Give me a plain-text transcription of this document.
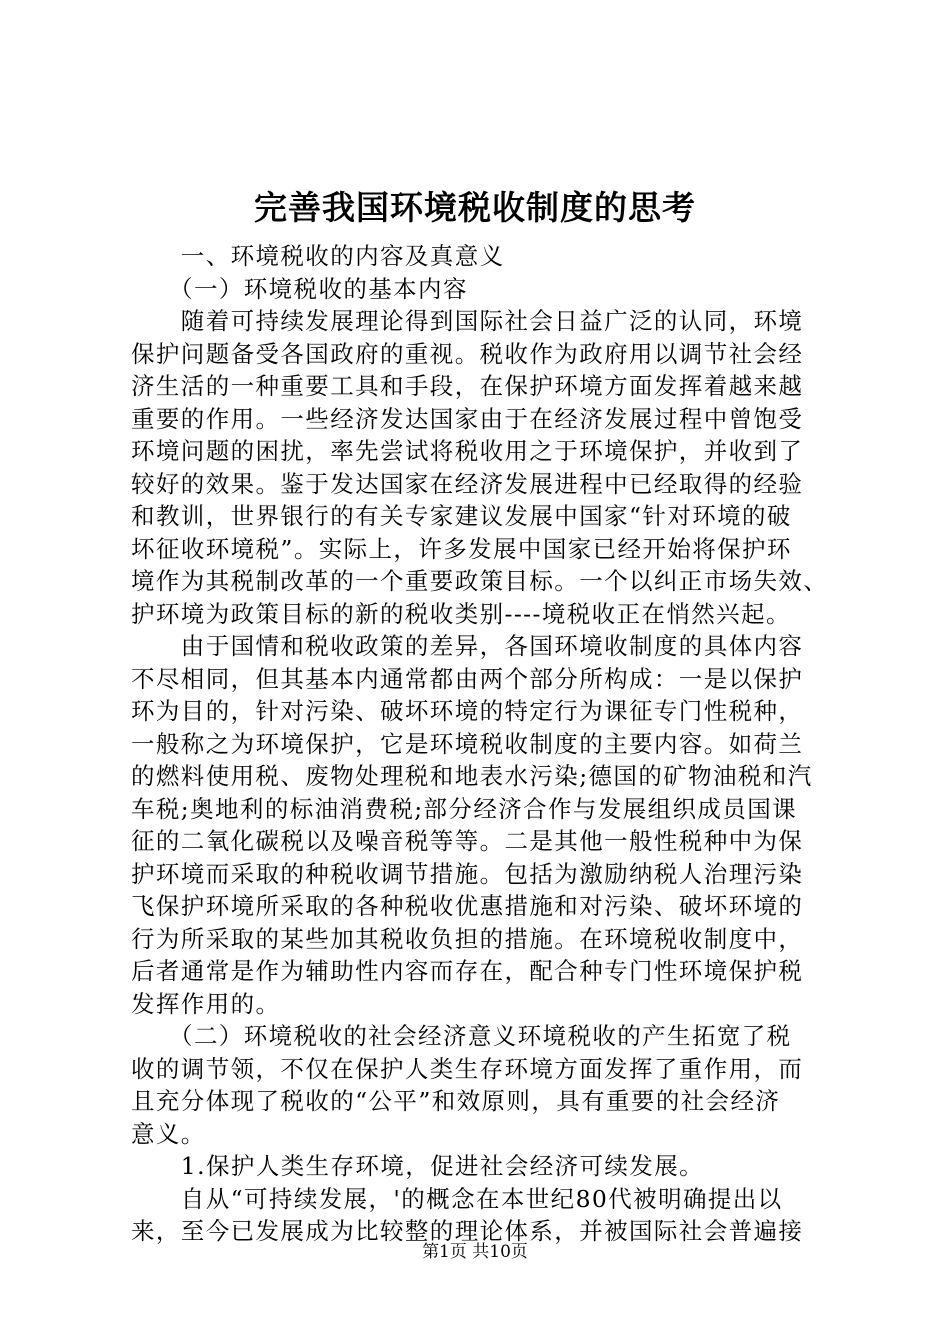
完善我国环境税收制度的思考
　　一、环境税收的内容及真意义
　　（一）环境税收的基本内容
　　随着可持续发展理论得到国际社会日益广泛的认同，环境
保护问题备受各国政府的重视。税收作为政府用以调节社会经
济生活的一种重要工具和手段，在保护环境方面发挥着越来越
重要的作用。一些经济发达国家由于在经济发展过程中曾饱受
环境问题的困扰，率先尝试将税收用之于环境保护，并收到了
较好的效果。鉴于发达国家在经济发展进程中已经取得的经验
和教训，世界银行的有关专家建议发展中国家“针对环境的破
坏征收环境税”。实际上，许多发展中国家已经开始将保护环
境作为其税制改革的一个重要政策目标。一个以纠正市场失效、
护环境为政策目标的新的税收类别----境税收正在悄然兴起。
　　由于国情和税收政策的差异，各国环境收制度的具体内容
不尽相同，但其基本内通常都由两个部分所构成：一是以保护
环为目的，针对污染、破坏环境的特定行为课征专门性税种，
一般称之为环境保护，它是环境税收制度的主要内容。如荷兰
的燃料使用税、废物处理税和地表水污染;德国的矿物油税和汽
车税;奥地利的标油消费税;部分经济合作与发展组织成员国课
征的二氧化碳税以及噪音税等等。二是其他一般性税种中为保
护环境而采取的种税收调节措施。包括为激励纳税人治理污染
飞保护环境所采取的各种税收优惠措施和对污染、破坏环境的
行为所采取的某些加其税收负担的措施。在环境税收制度中，
后者通常是作为辅助性内容而存在，配合种专门性环境保护税
发挥作用的。
　　（二）环境税收的社会经济意义环境税收的产生拓宽了税
收的调节领，不仅在保护人类生存环境方面发挥了重作用，而
且充分体现了税收的“公平”和效原则，具有重要的社会经济
意义。
　　1.保护人类生存环境，促进社会经济可续发展。
　　自从“可持续发展，'的概念在本世纪80代被明确提出以
来，至今已发展成为比较整的理论体系，并被国际社会普遍接
第1页 共10页
